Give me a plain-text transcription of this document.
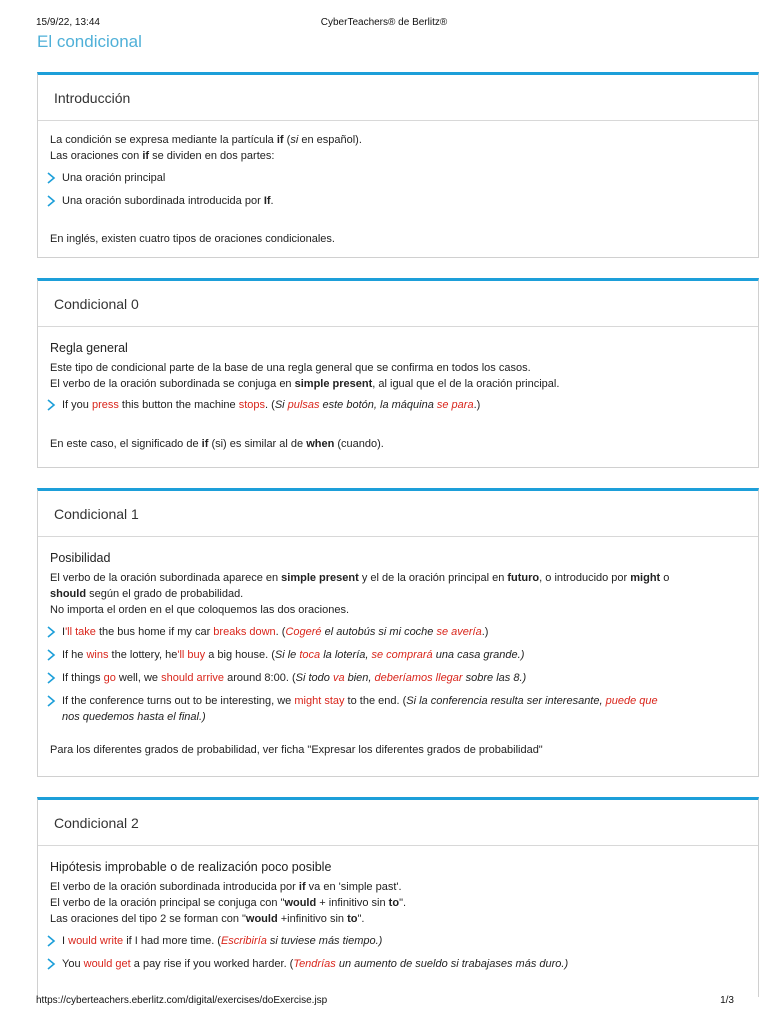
15/9/22, 13:44	CyberTeachers® de Berlitz®
El condicional
Introducción
La condición se expresa mediante la partícula if (si en español).
Las oraciones con if se dividen en dos partes:
Una oración principal
Una oración subordinada introducida por If.
En inglés, existen cuatro tipos de oraciones condicionales.
Condicional 0
Regla general
Este tipo de condicional parte de la base de una regla general que se confirma en todos los casos.
El verbo de la oración subordinada se conjuga en simple present, al igual que el de la oración principal.
If you press this button the machine stops. (Si pulsas este botón, la máquina se para.)
En este caso, el significado de if (si) es similar al de when (cuando).
Condicional 1
Posibilidad
El verbo de la oración subordinada aparece en simple present y el de la oración principal en futuro, o introducido por might o
should según el grado de probabilidad.
No importa el orden en el que coloquemos las dos oraciones.
I'll take the bus home if my car breaks down. (Cogeré el autobús si mi coche se avería.)
If he wins the lottery, he'll buy a big house. (Si le toca la lotería, se comprará una casa grande.)
If things go well, we should arrive around 8:00. (Si todo va bien, deberíamos llegar sobre las 8.)
If the conference turns out to be interesting, we might stay to the end. (Si la conferencia resulta ser interesante, puede que
nos quedemos hasta el final.)
Para los diferentes grados de probabilidad, ver ficha "Expresar los diferentes grados de probabilidad"
Condicional 2
Hipótesis improbable o de realización poco posible
El verbo de la oración subordinada introducida por if va en 'simple past'.
El verbo de la oración principal se conjuga con "would + infinitivo sin to".
Las oraciones del tipo 2 se forman con "would +infinitivo sin to".
I would write if I had more time. (Escribiría si tuviese más tiempo.)
You would get a pay rise if you worked harder. (Tendrías un aumento de sueldo si trabajases más duro.)
https://cyberteachers.eberlitz.com/digital/exercises/doExercise.jsp	1/3
